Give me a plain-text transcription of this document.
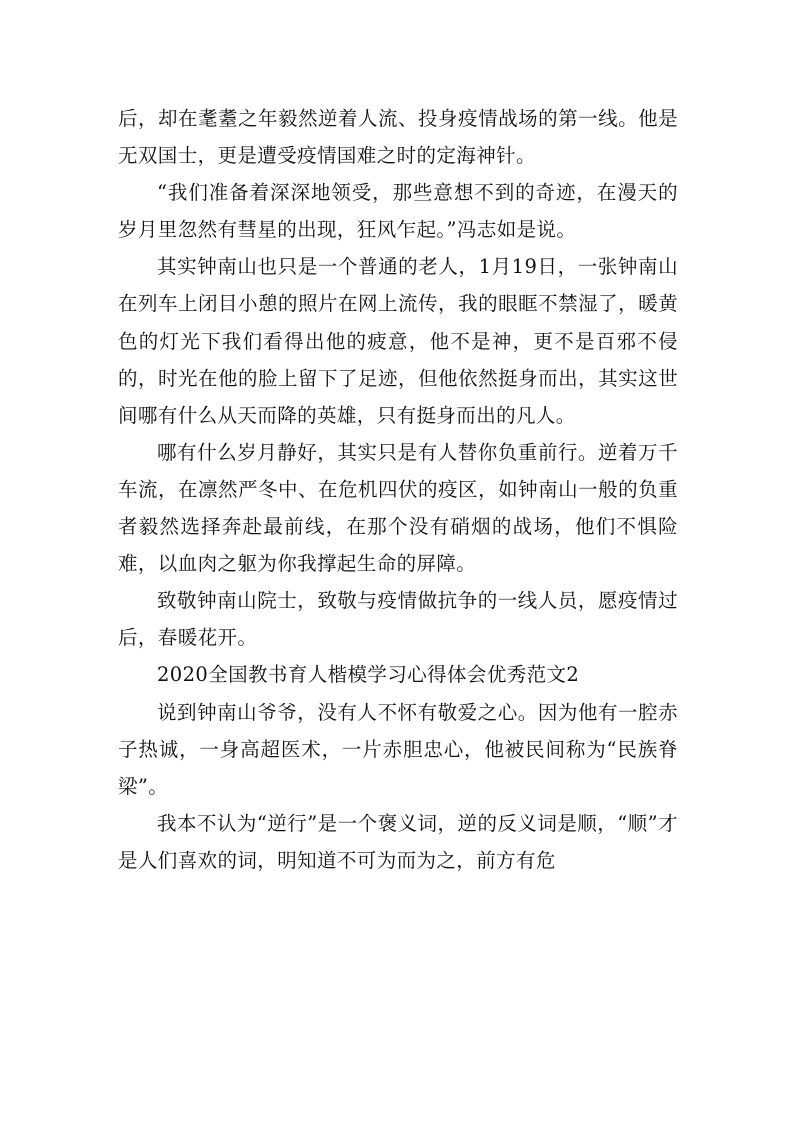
后，却在耄耋之年毅然逆着人流、投身疫情战场的第一线。他是无双国士，更是遭受疫情国难之时的定海神针。

“我们准备着深深地领受，那些意想不到的奇迹，在漫天的岁月里忽然有彗星的出现，狂风乍起。”冯志如是说。

其实钟南山也只是一个普通的老人，1月19日，一张钟南山在列车上闭目小憩的照片在网上流传，我的眼眶不禁湿了，暖黄色的灯光下我们看得出他的疲意，他不是神，更不是百邪不侵的，时光在他的脸上留下了足迹，但他依然挺身而出，其实这世间哪有什么从天而降的英雄，只有挺身而出的凡人。

哪有什么岁月静好，其实只是有人替你负重前行。逆着万千车流，在凛然严冬中、在危机四伏的疫区，如钟南山一般的负重者毅然选择奔赴最前线，在那个没有硝烟的战场，他们不惧险难，以血肉之躯为你我撑起生命的屏障。

致敬钟南山院士，致敬与疫情做抗争的一线人员，愿疫情过后，春暖花开。

2020全国教书育人楷模学习心得体会优秀范文2

说到钟南山爷爷，没有人不怀有敬爱之心。因为他有一腔赤子热诚，一身高超医术，一片赤胆忠心，他被民间称为“民族脊梁”。

我本不认为“逆行”是一个褒义词，逆的反义词是顺，“顺”才是人们喜欢的词，明知道不可为而为之，前方有危
